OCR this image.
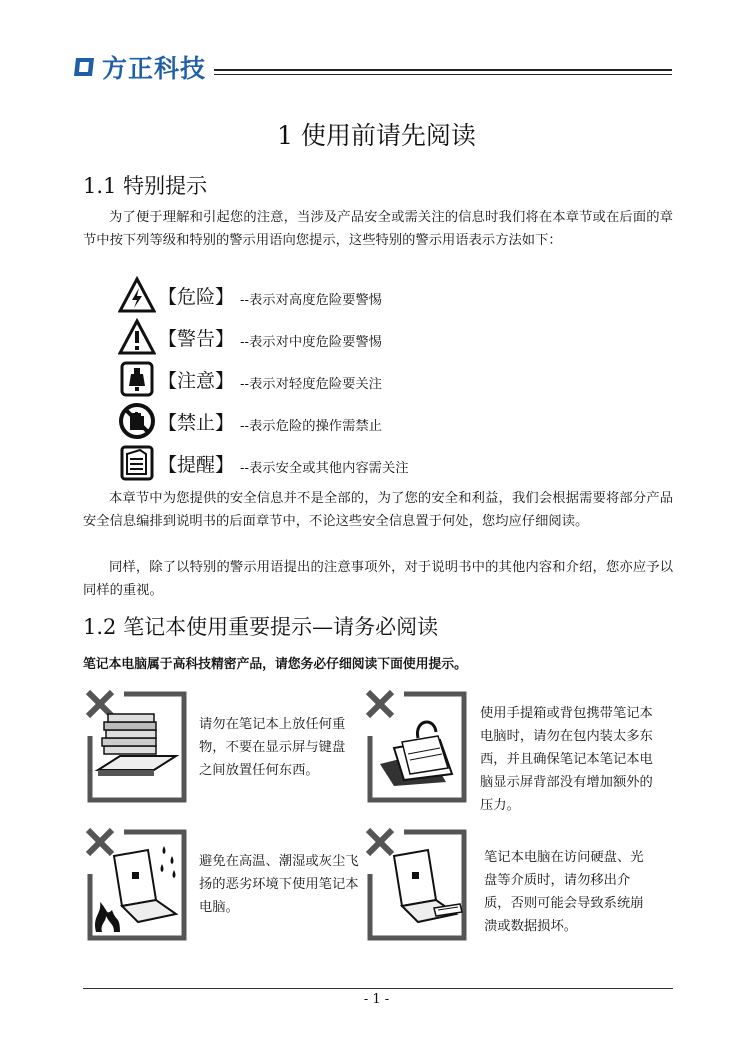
方正科技
1 使用前请先阅读
1.1 特别提示
为了便于理解和引起您的注意，当涉及产品安全或需关注的信息时我们将在本章节或在后面的章节中按下列等级和特别的警示用语向您提示，这些特别的警示用语表示方法如下：
【危险】 --表示对高度危险要警惕
【警告】 --表示对中度危险要警惕
【注意】 --表示对轻度危险要关注
【禁止】 --表示危险的操作需禁止
【提醒】 --表示安全或其他内容需关注
本章节中为您提供的安全信息并不是全部的，为了您的安全和利益，我们会根据需要将部分产品安全信息编排到说明书的后面章节中，不论这些安全信息置于何处，您均应仔细阅读。
同样，除了以特别的警示用语提出的注意事项外，对于说明书中的其他内容和介绍，您亦应予以同样的重视。
1.2 笔记本使用重要提示—请务必阅读
笔记本电脑属于高科技精密产品，请您务必仔细阅读下面使用提示。
请勿在笔记本上放任何重物，不要在显示屏与键盘之间放置任何东西。
使用手提箱或背包携带笔记本电脑时，请勿在包内装太多东西，并且确保笔记本笔记本电脑显示屏背部没有增加额外的压力。
避免在高温、潮湿或灰尘飞扬的恶劣环境下使用笔记本电脑。
笔记本电脑在访问硬盘、光盘等介质时，请勿移出介质，否则可能会导致系统崩溃或数据损坏。
- 1 -
